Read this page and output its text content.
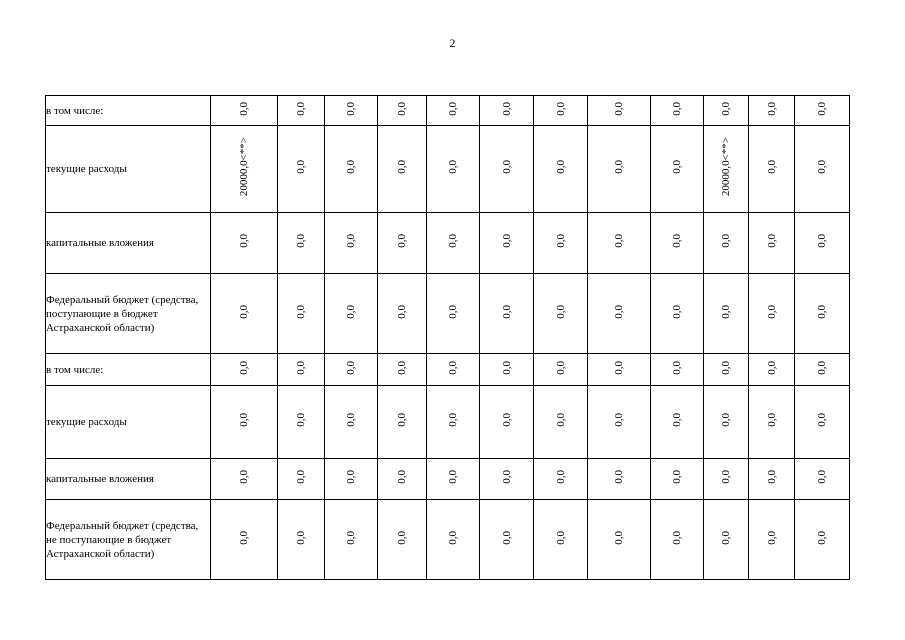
2
в том числе:	0,0	0,0	0,0	0,0	0,0	0,0	0,0	0,0	0,0	0,0	0,0	0,0
текущие расходы	20000,0<**>	0,0	0,0	0,0	0,0	0,0	0,0	0,0	0,0	20000,0<**>	0,0	0,0
капитальные вложения	0,0	0,0	0,0	0,0	0,0	0,0	0,0	0,0	0,0	0,0	0,0	0,0
Федеральный бюджет (средства, поступающие в бюджет Астраханской области)	0,0	0,0	0,0	0,0	0,0	0,0	0,0	0,0	0,0	0,0	0,0	0,0
в том числе:	0,0	0,0	0,0	0,0	0,0	0,0	0,0	0,0	0,0	0,0	0,0	0,0
текущие расходы	0,0	0,0	0,0	0,0	0,0	0,0	0,0	0,0	0,0	0,0	0,0	0,0
капитальные вложения	0,0	0,0	0,0	0,0	0,0	0,0	0,0	0,0	0,0	0,0	0,0	0,0
Федеральный бюджет (средства, не поступающие в бюджет Астраханской области)	0,0	0,0	0,0	0,0	0,0	0,0	0,0	0,0	0,0	0,0	0,0	0,0
